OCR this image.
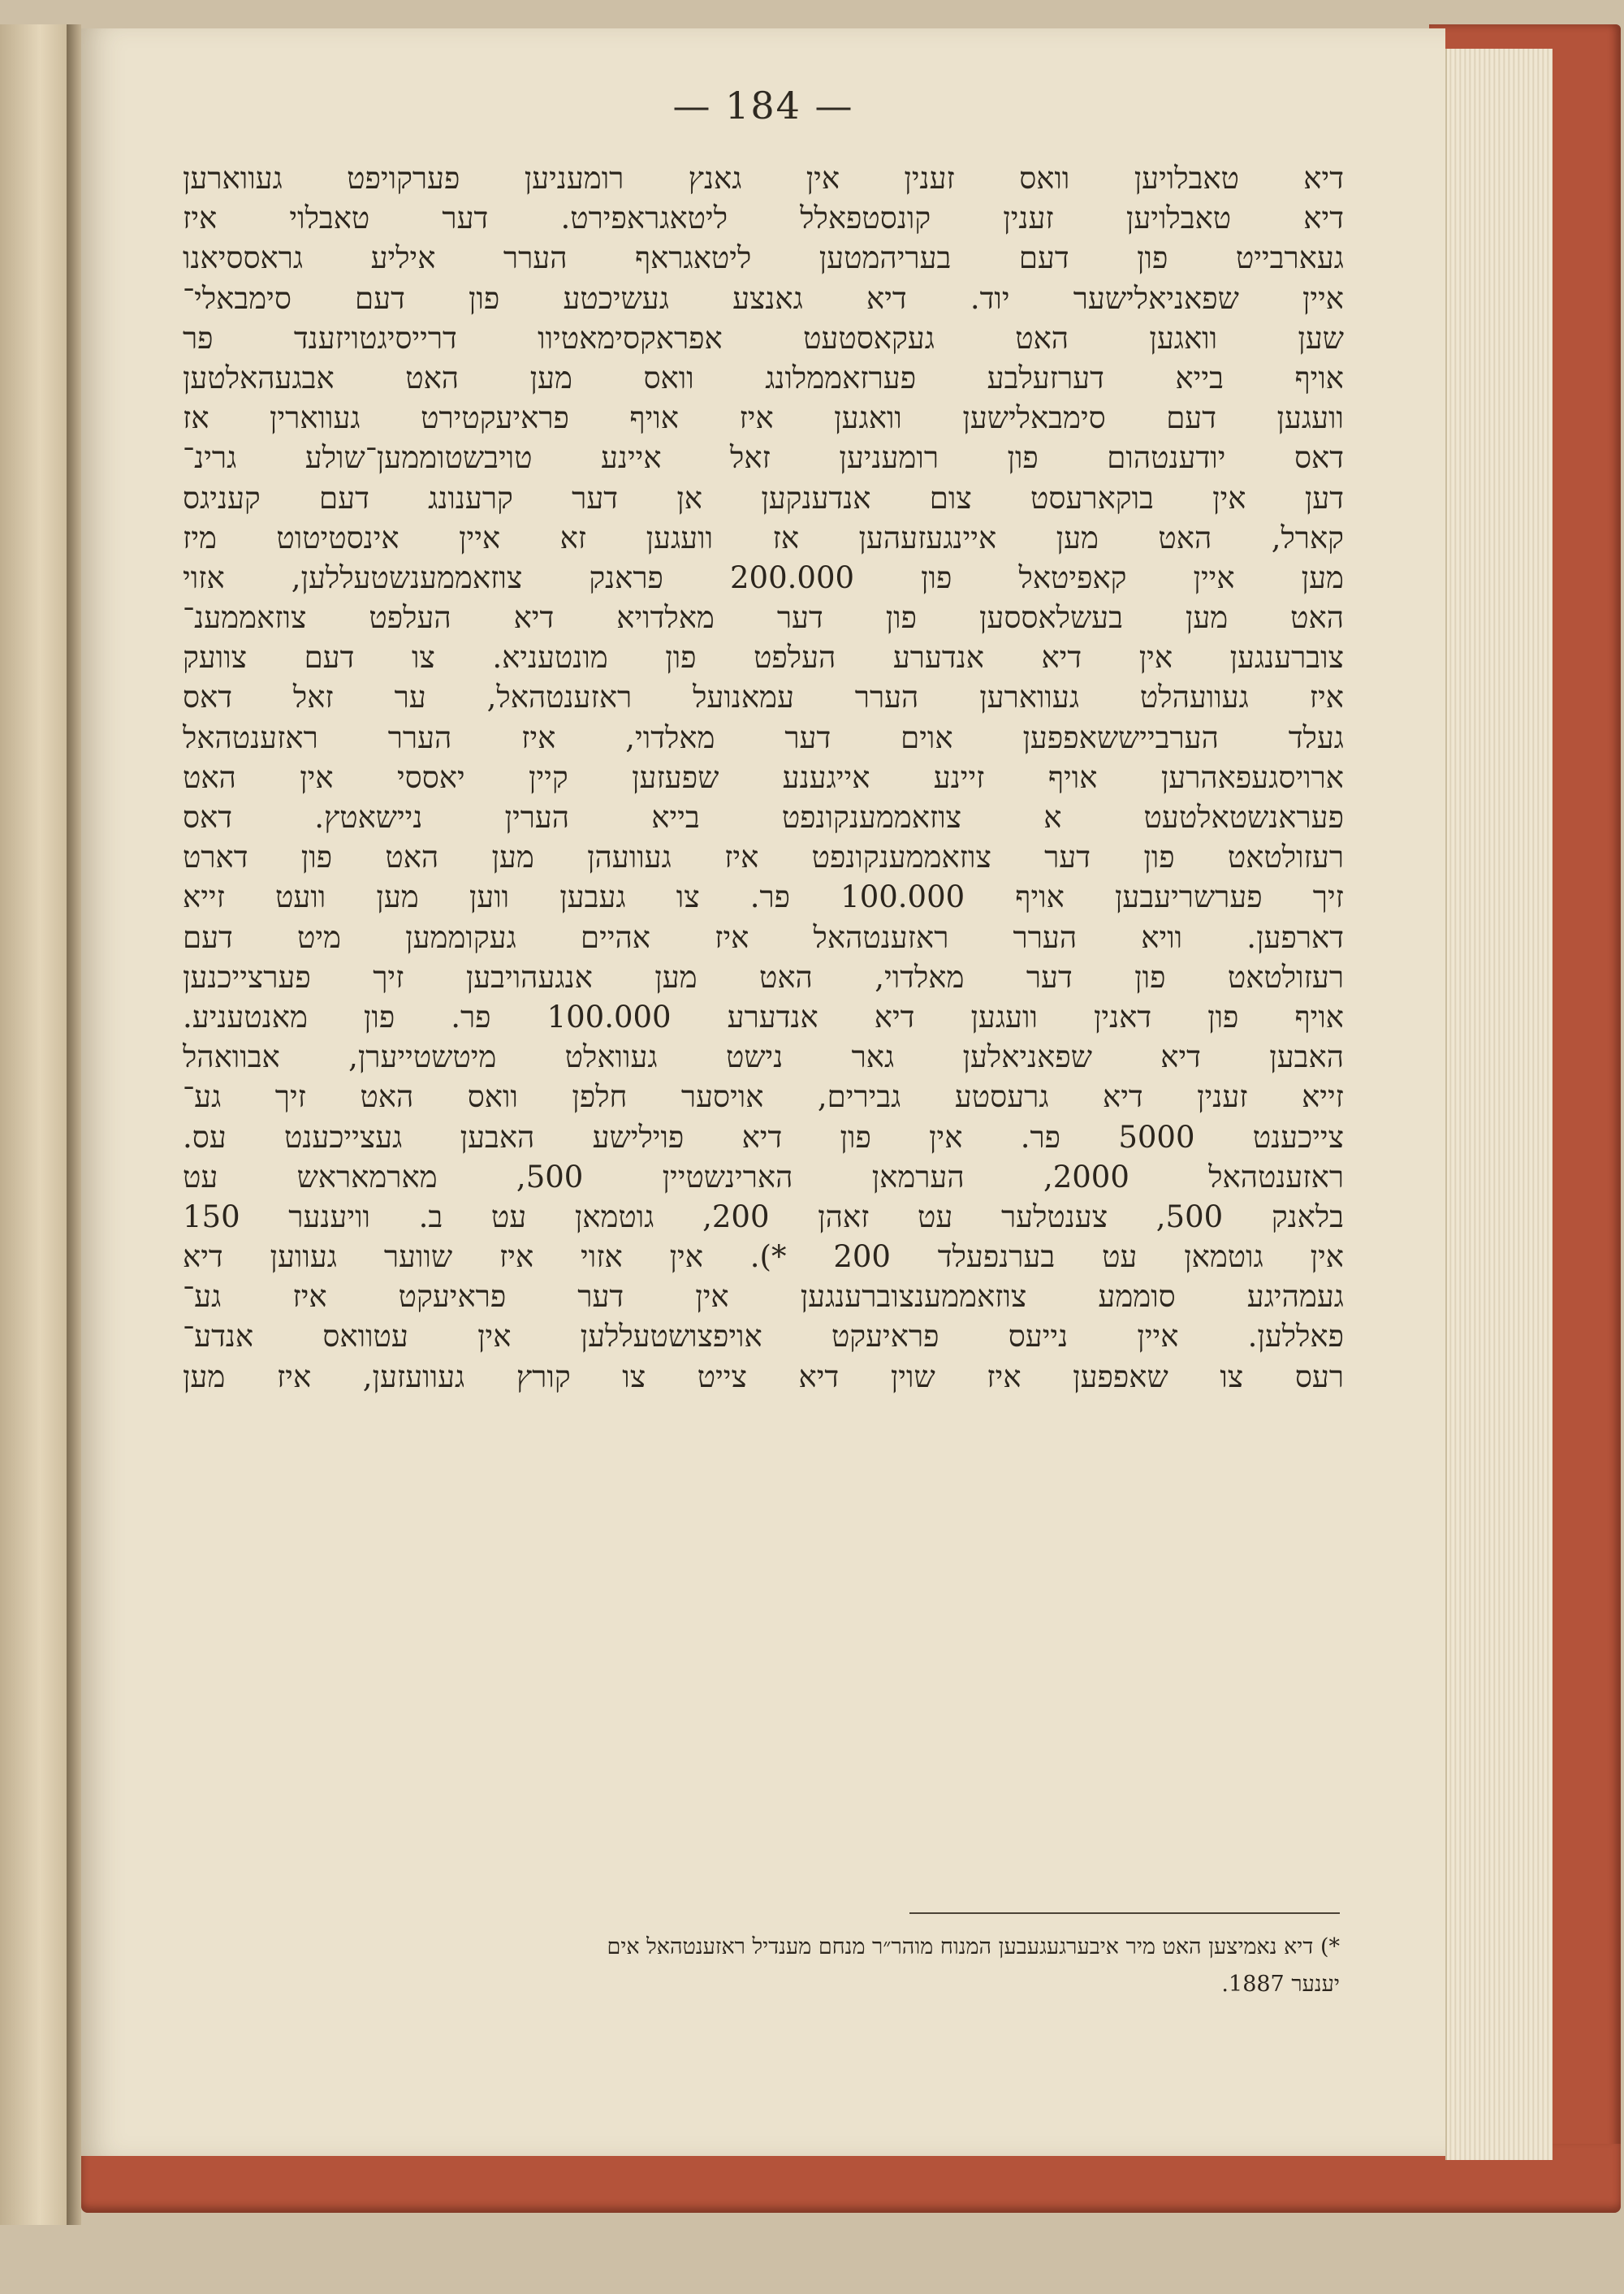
— 184 —
דיא טאבלויען וואס זענין אין גאנץ רומעניען פערקויפט געווארען
דיא טאבלויען זענין קונסטפאלל ליטאגראפירט. דער טאבלוי איז
געארבייט פון דעם בעריהמטען ליטאגראף הערר איליע גראססיאנו
איין שפאניאלישער יוד. דיא גאנצע געשיכטע פון דעם סימבאלי־
שען וואגען האט געקאסטעט אפראקסימאטיוו דרייסיגטויזענד פר
אויף בייא דערזעלבע פערזאממלונג וואס מען האט אבגעהאלטען
וועגען דעם סימבאלישען וואגען איז אויף פראיעקטירט געווארין אז
דאס יודענטהום פון רומעניען זאל איינע טויבשטוממען־שולע גרינ־
דען אין בוקארעסט צום אנדענקען אן דער קרענונג דעם קעניגס
קארל, האט מען איינגעזעהען אז וועגען זא איין אינסטיטוט מיז
מען איין קאפיטאל פון 200.000 פראנק צוזאממענשטעללען, אזוי
האט מען בעשלאססען פון דער מאלדויא דיא העלפט צוזאממענ־
צוברענגען אין דיא אנדערע העלפט פון מונטעניא. צו דעם צוועק
איז געוועהלט געווארען הערר עמאנועל ראזענטהאל, ער זאל דאס
געלד הערבייששאפפען אוים דער מאלדוי, איז הערר ראזענטהאל
ארויסגעפאהרען אויף זיינע אייגענע שפעזען קיין יאססי אין האט
פעראנשטאלטעט א צוזאממענקונפט בייא הערין ניישאטץ. דאס
רעזולטאט פון דער צוזאממענקונפט איז געוועהן מען האט פון דארט
זיך פערשריעבען אויף 100.000 פר. צו געבען ווען מען וועט זייא
דארפען. וויא הערר ראזענטהאל איז אהיים געקוממען מיט דעם
רעזולטאט פון דער מאלדוי, האט מען אנגעהויבען זיך פערצייכנען
אויף פון דאנין וועגען דיא אנדערע 100.000 פר. פון מאנטעניע.
האבען דיא שפאניאלען גאר נישט געוואלט מיטשטייערן, אבוואהל
זייא זענין דיא גרעסטע גבירים, אויסער חלפן וואס האט זיך גע־
צייכענט 5000 פר. אין פון דיא פוילישע האבען געצייכענט עס.
ראזענטהאל 2000, הערמאן הארינשטיין 500, מארמאראש עט
בלאנק 500, צענטלער עט זאהן 200, גוטמאן עט ב. וויענער 150
אין גוטמאן עט בערנפעלד 200 *). אין אזוי איז שווער געווען דיא
געמהיגע סוממע צוזאממענצוברענגען אין דער פראיעקט איז גע־
פאללען. איין נייעס פראיעקט אויפצושטעללען אין עטוואס אנדע־
רעס צו שאפפען איז שוין דיא צייט צו קורץ געוועזען, איז מען
*) דיא נאמיצען האט מיר איבערגעגעבען המנוח מוהר״ר מנחם מענדיל ראזענטהאל אים
יענער 1887.
